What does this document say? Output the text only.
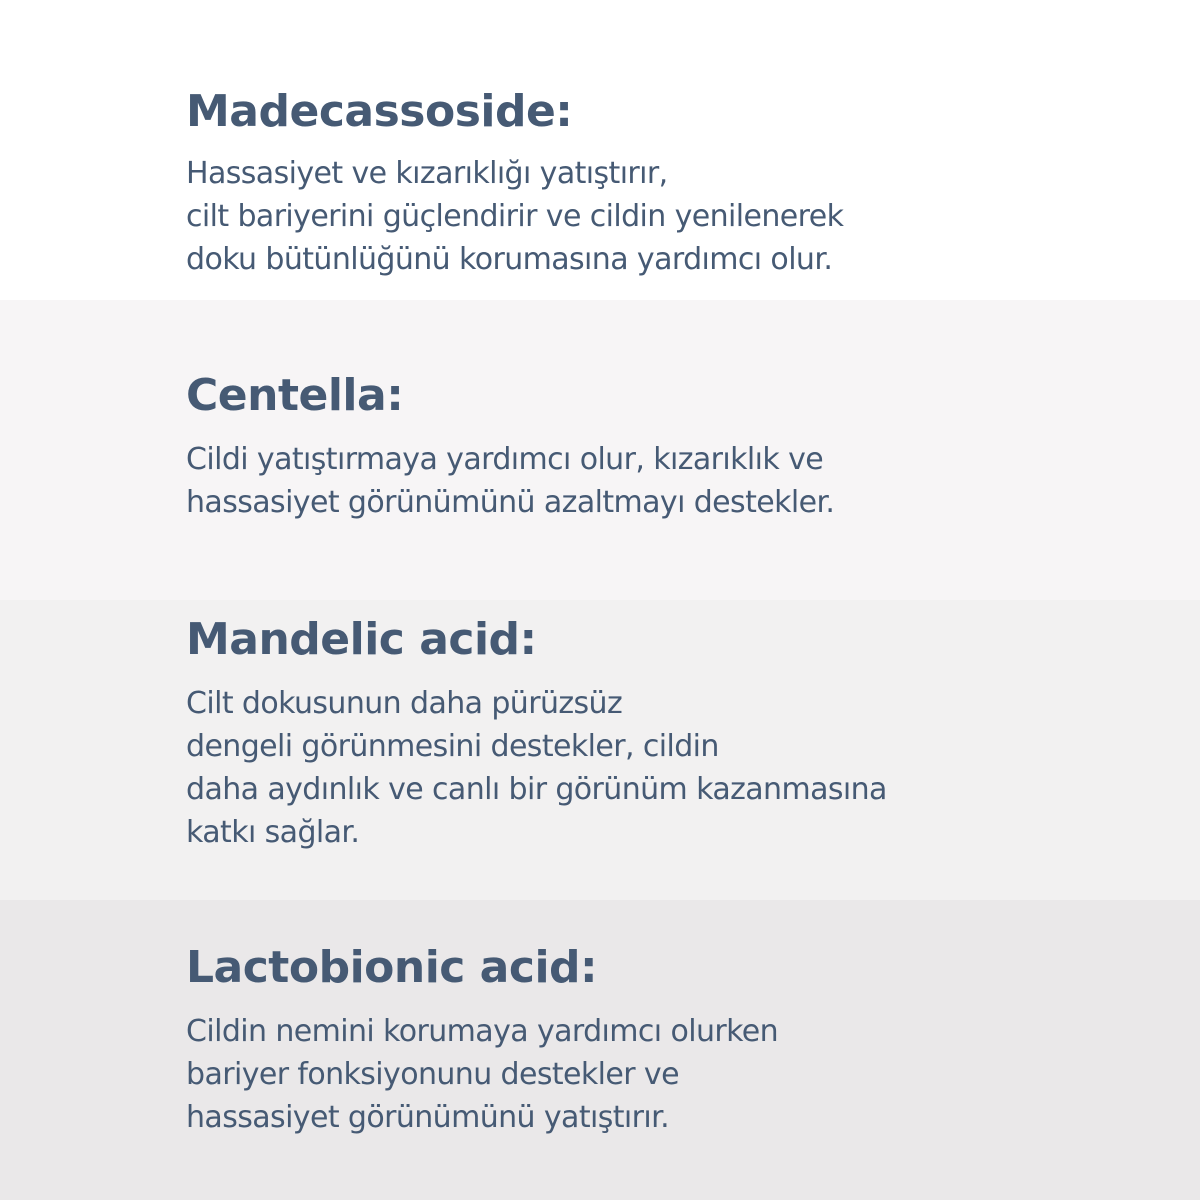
Madecassoside:

Hassasiyet ve kızarıklığı yatıştırır,
cilt bariyerini güçlendirir ve cildin yenilenerek
doku bütünlüğünü korumasına yardımcı olur.

Centella:

Cildi yatıştırmaya yardımcı olur, kızarıklık ve
hassasiyet görünümünü azaltmayı destekler.

Mandelic acid:

Cilt dokusunun daha pürüzsüz
dengeli görünmesini destekler, cildin
daha aydınlık ve canlı bir görünüm kazanmasına
katkı sağlar.

Lactobionic acid:

Cildin nemini korumaya yardımcı olurken
bariyer fonksiyonunu destekler ve
hassasiyet görünümünü yatıştırır.
